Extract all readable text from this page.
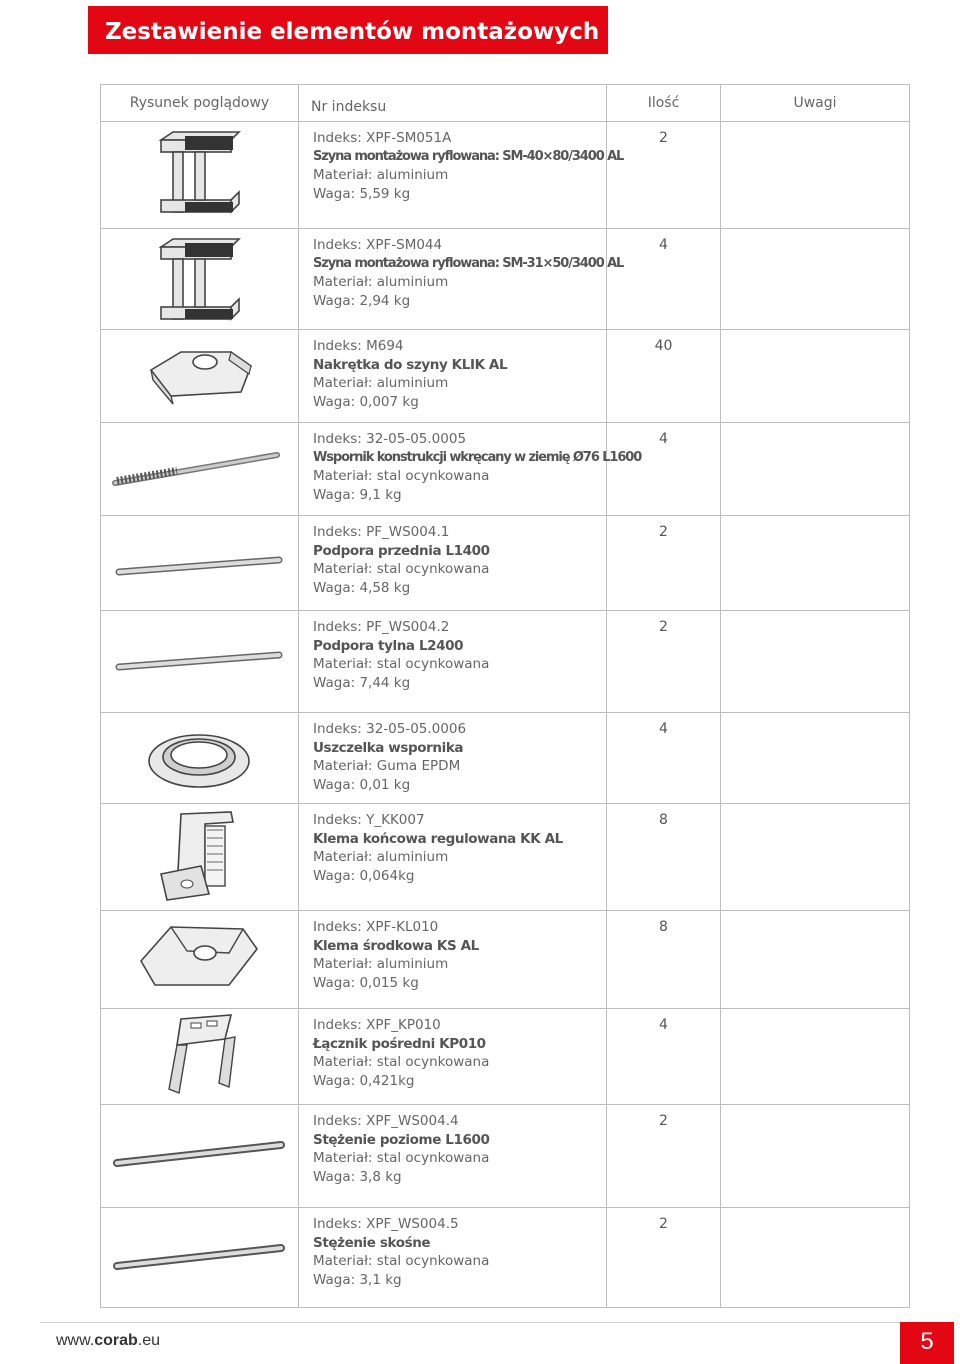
Zestawienie elementów montażowych
Rysunek poglądowy	Nr indeksu	Ilość	Uwagi

Indeks: XPF-SM051A
Szyna montażowa ryflowana: SM-40×80/3400 AL
Materiał: aluminium
Waga: 5,59 kg	2	

Indeks: XPF-SM044
Szyna montażowa ryflowana: SM-31×50/3400 AL
Materiał: aluminium
Waga: 2,94 kg	4	

Indeks: M694
Nakrętka do szyny KLIK AL
Materiał: aluminium
Waga: 0,007 kg	40	

Indeks: 32-05-05.0005
Wspornik konstrukcji wkręcany w ziemię Ø76 L1600
Materiał: stal ocynkowana
Waga: 9,1 kg	4	

Indeks: PF_WS004.1
Podpora przednia L1400
Materiał: stal ocynkowana
Waga: 4,58 kg	2	

Indeks: PF_WS004.2
Podpora tylna L2400
Materiał: stal ocynkowana
Waga: 7,44 kg	2	

Indeks: 32-05-05.0006
Uszczelka wspornika
Materiał: Guma EPDM
Waga: 0,01 kg	4	

Indeks: Y_KK007
Klema końcowa regulowana KK AL
Materiał: aluminium
Waga: 0,064kg	8	

Indeks: XPF-KL010
Klema środkowa KS AL
Materiał: aluminium
Waga: 0,015 kg	8	

Indeks: XPF_KP010
Łącznik pośredni KP010
Materiał: stal ocynkowana
Waga: 0,421kg	4	

Indeks: XPF_WS004.4
Stężenie poziome L1600
Materiał: stal ocynkowana
Waga: 3,8 kg	2	

Indeks: XPF_WS004.5
Stężenie skośne
Materiał: stal ocynkowana
Waga: 3,1 kg	2	
www.corab.eu	5
